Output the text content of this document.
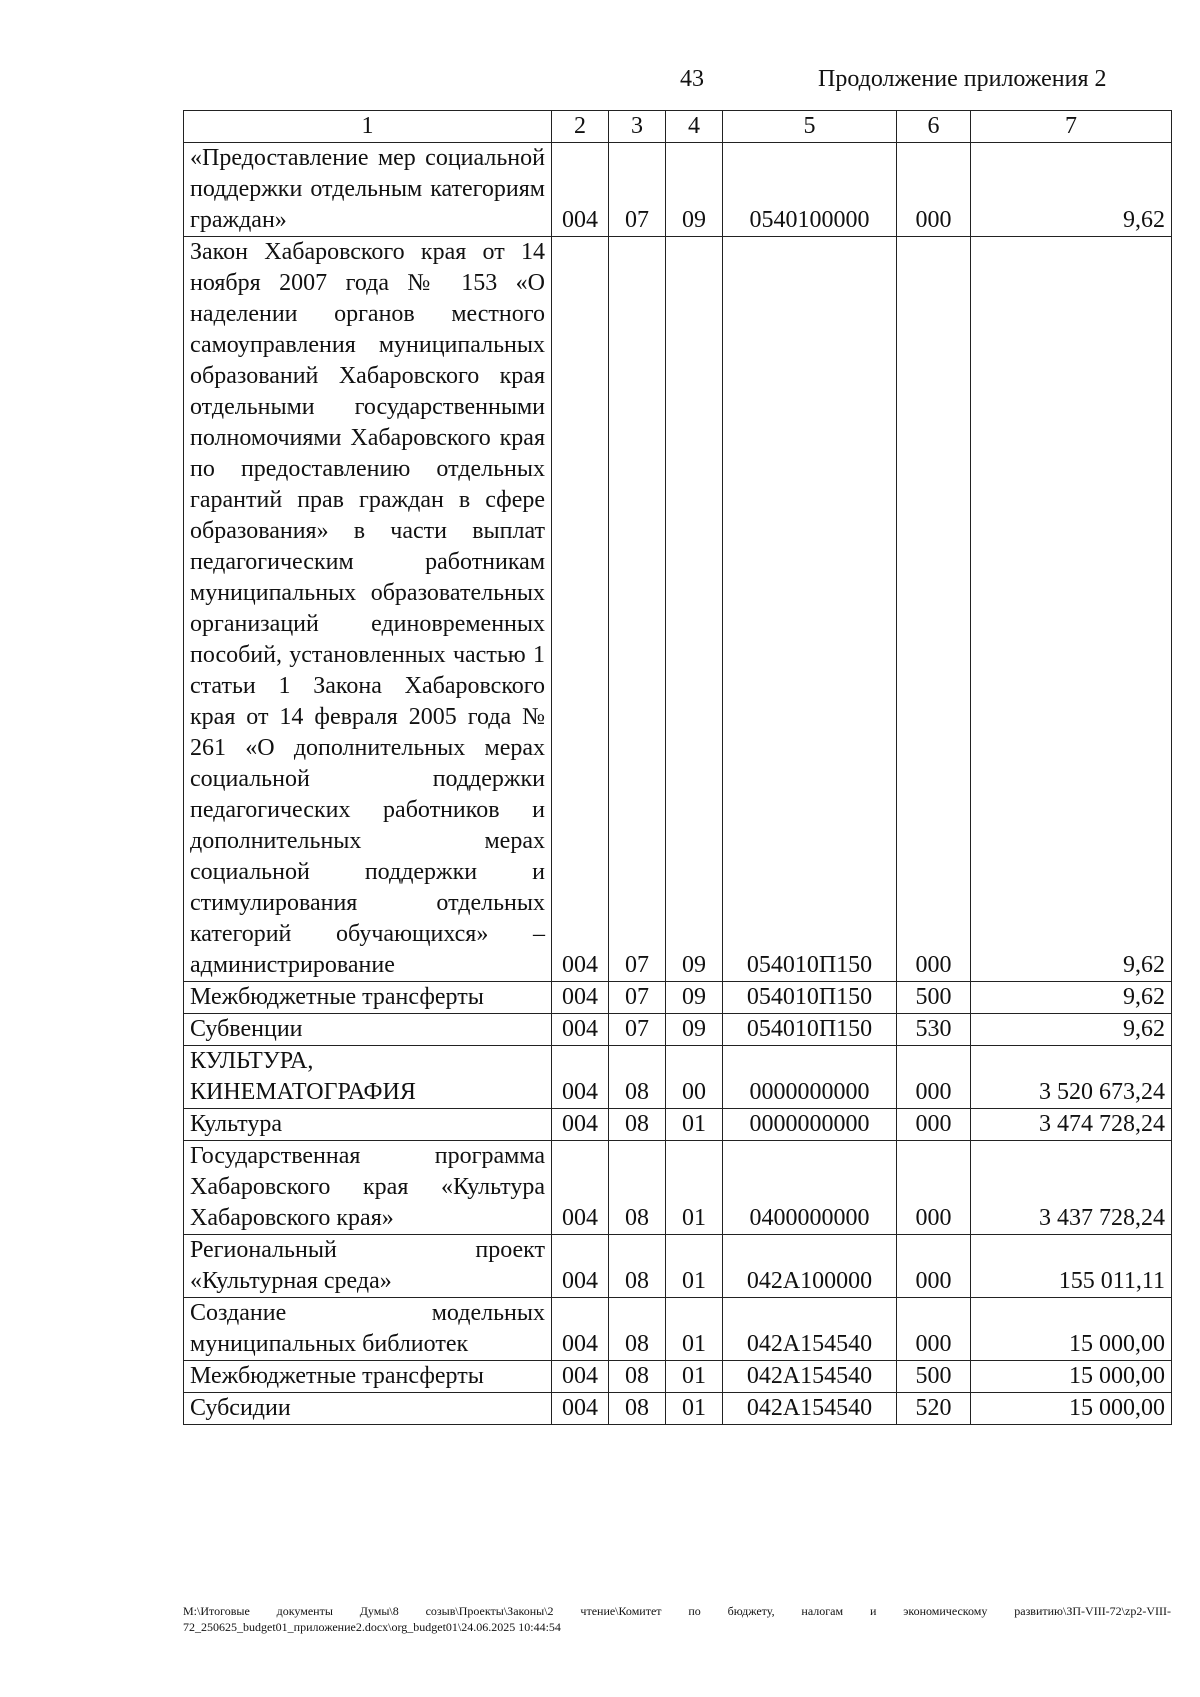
43	Продолжение приложения 2
1	2	3	4	5	6	7
«Предоставление мер социальной поддержки отдельным категориям граждан»	004	07	09	0540100000	000	9,62
Закон Хабаровского края от 14 ноября 2007 года № 153 «О наделении органов местного самоуправления муниципальных образований Хабаровского края отдельными государственными полномочиями Хабаровского края по предоставлению отдельных гарантий прав граждан в сфере образования» в части выплат педагогическим работникам муниципальных образовательных организаций единовременных пособий, установленных частью 1 статьи 1 Закона Хабаровского края от 14 февраля 2005 года № 261 «О дополнительных мерах социальной поддержки педагогических работников и дополнительных мерах социальной поддержки и стимулирования отдельных категорий обучающихся» – администрирование	004	07	09	054010П150	000	9,62
Межбюджетные трансферты	004	07	09	054010П150	500	9,62
Субвенции	004	07	09	054010П150	530	9,62
КУЛЬТУРА, КИНЕМАТОГРАФИЯ	004	08	00	0000000000	000	3 520 673,24
Культура	004	08	01	0000000000	000	3 474 728,24
Государственная программа Хабаровского края «Культура Хабаровского края»	004	08	01	0400000000	000	3 437 728,24
Региональный проект «Культурная среда»	004	08	01	042A100000	000	155 011,11
Создание модельных муниципальных библиотек	004	08	01	042A154540	000	15 000,00
Межбюджетные трансферты	004	08	01	042A154540	500	15 000,00
Субсидии	004	08	01	042A154540	520	15 000,00
M:\Итоговые документы Думы\8 созыв\Проекты\Законы\2 чтение\Комитет по бюджету, налогам и экономическому развитию\ЗП-VIII-72\zp2-VIII-72_250625_budget01_приложение2.docx\org_budget01\24.06.2025 10:44:54
